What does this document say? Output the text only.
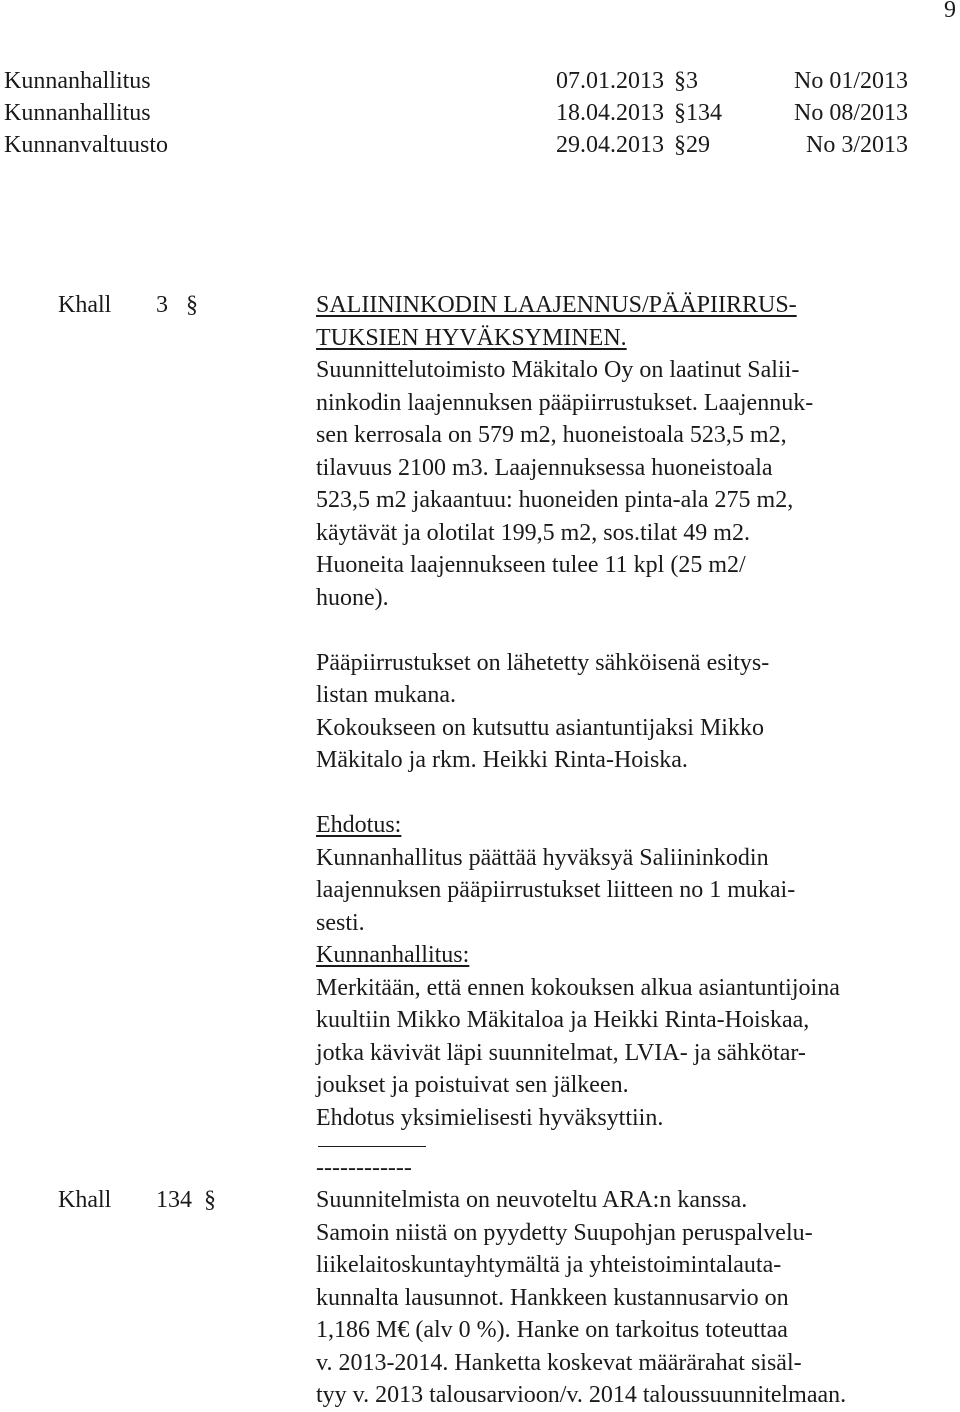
9
Kunnanhallitus	07.01.2013 §3	No 01/2013
Kunnanhallitus	18.04.2013 §134	No 08/2013
Kunnanvaltuusto	29.04.2013 §29	No 3/2013
Khall 3 §	SALIININKODIN LAAJENNUS/PÄÄPIIRRUS-
TUKSIEN HYVÄKSYMINEN.
Suunnittelutoimisto Mäkitalo Oy on laatinut Salii-
ninkodin laajennuksen pääpiirrustukset. Laajennuk-
sen kerrosala on 579 m2, huoneistoala 523,5 m2,
tilavuus 2100 m3. Laajennuksessa huoneistoala
523,5 m2 jakaantuu: huoneiden pinta-ala 275 m2,
käytävät ja olotilat 199,5 m2, sos.tilat 49 m2.
Huoneita laajennukseen tulee 11 kpl (25 m2/
huone).
Pääpiirrustukset on lähetetty sähköisenä esitys-
listan mukana.
Kokoukseen on kutsuttu asiantuntijaksi Mikko
Mäkitalo ja rkm. Heikki Rinta-Hoiska.
Ehdotus:
Kunnanhallitus päättää hyväksyä Saliininkodin
laajennuksen pääpiirrustukset liitteen no 1 mukai-
sesti.
Kunnanhallitus:
Merkitään, että ennen kokouksen alkua asiantuntijoina
kuultiin Mikko Mäkitaloa ja Heikki Rinta-Hoiskaa,
jotka kävivät läpi suunnitelmat, LVIA- ja sähkötar-
joukset ja poistuivat sen jälkeen.
Ehdotus yksimielisesti hyväksyttiin.
------------
Khall 134 §	Suunnitelmista on neuvoteltu ARA:n kanssa.
Samoin niistä on pyydetty Suupohjan peruspalvelu-
liikelaitoskuntayhtymältä ja yhteistoimintalauta-
kunnalta lausunnot. Hankkeen kustannusarvio on
1,186 M€ (alv 0 %). Hanke on tarkoitus toteuttaa
v. 2013-2014. Hanketta koskevat määrärahat sisäl-
tyy v. 2013 talousarvioon/v. 2014 taloussuunnitelmaan.
